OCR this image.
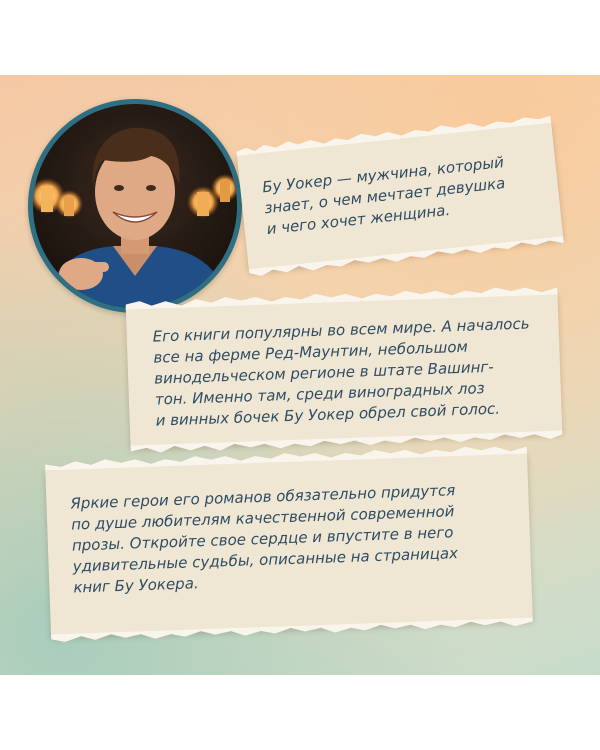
Бу Уокер — мужчина, который
знает, о чем мечтает девушка
и чего хочет женщина.
Его книги популярны во всем мире. А началось
все на ферме Ред-Маунтин, небольшом
винодельческом регионе в штате Вашинг-
тон. Именно там, среди виноградных лоз
и винных бочек Бу Уокер обрел свой голос.
Яркие герои его романов обязательно придутся
по душе любителям качественной современной
прозы. Откройте свое сердце и впустите в него
удивительные судьбы, описанные на страницах
книг Бу Уокера.
